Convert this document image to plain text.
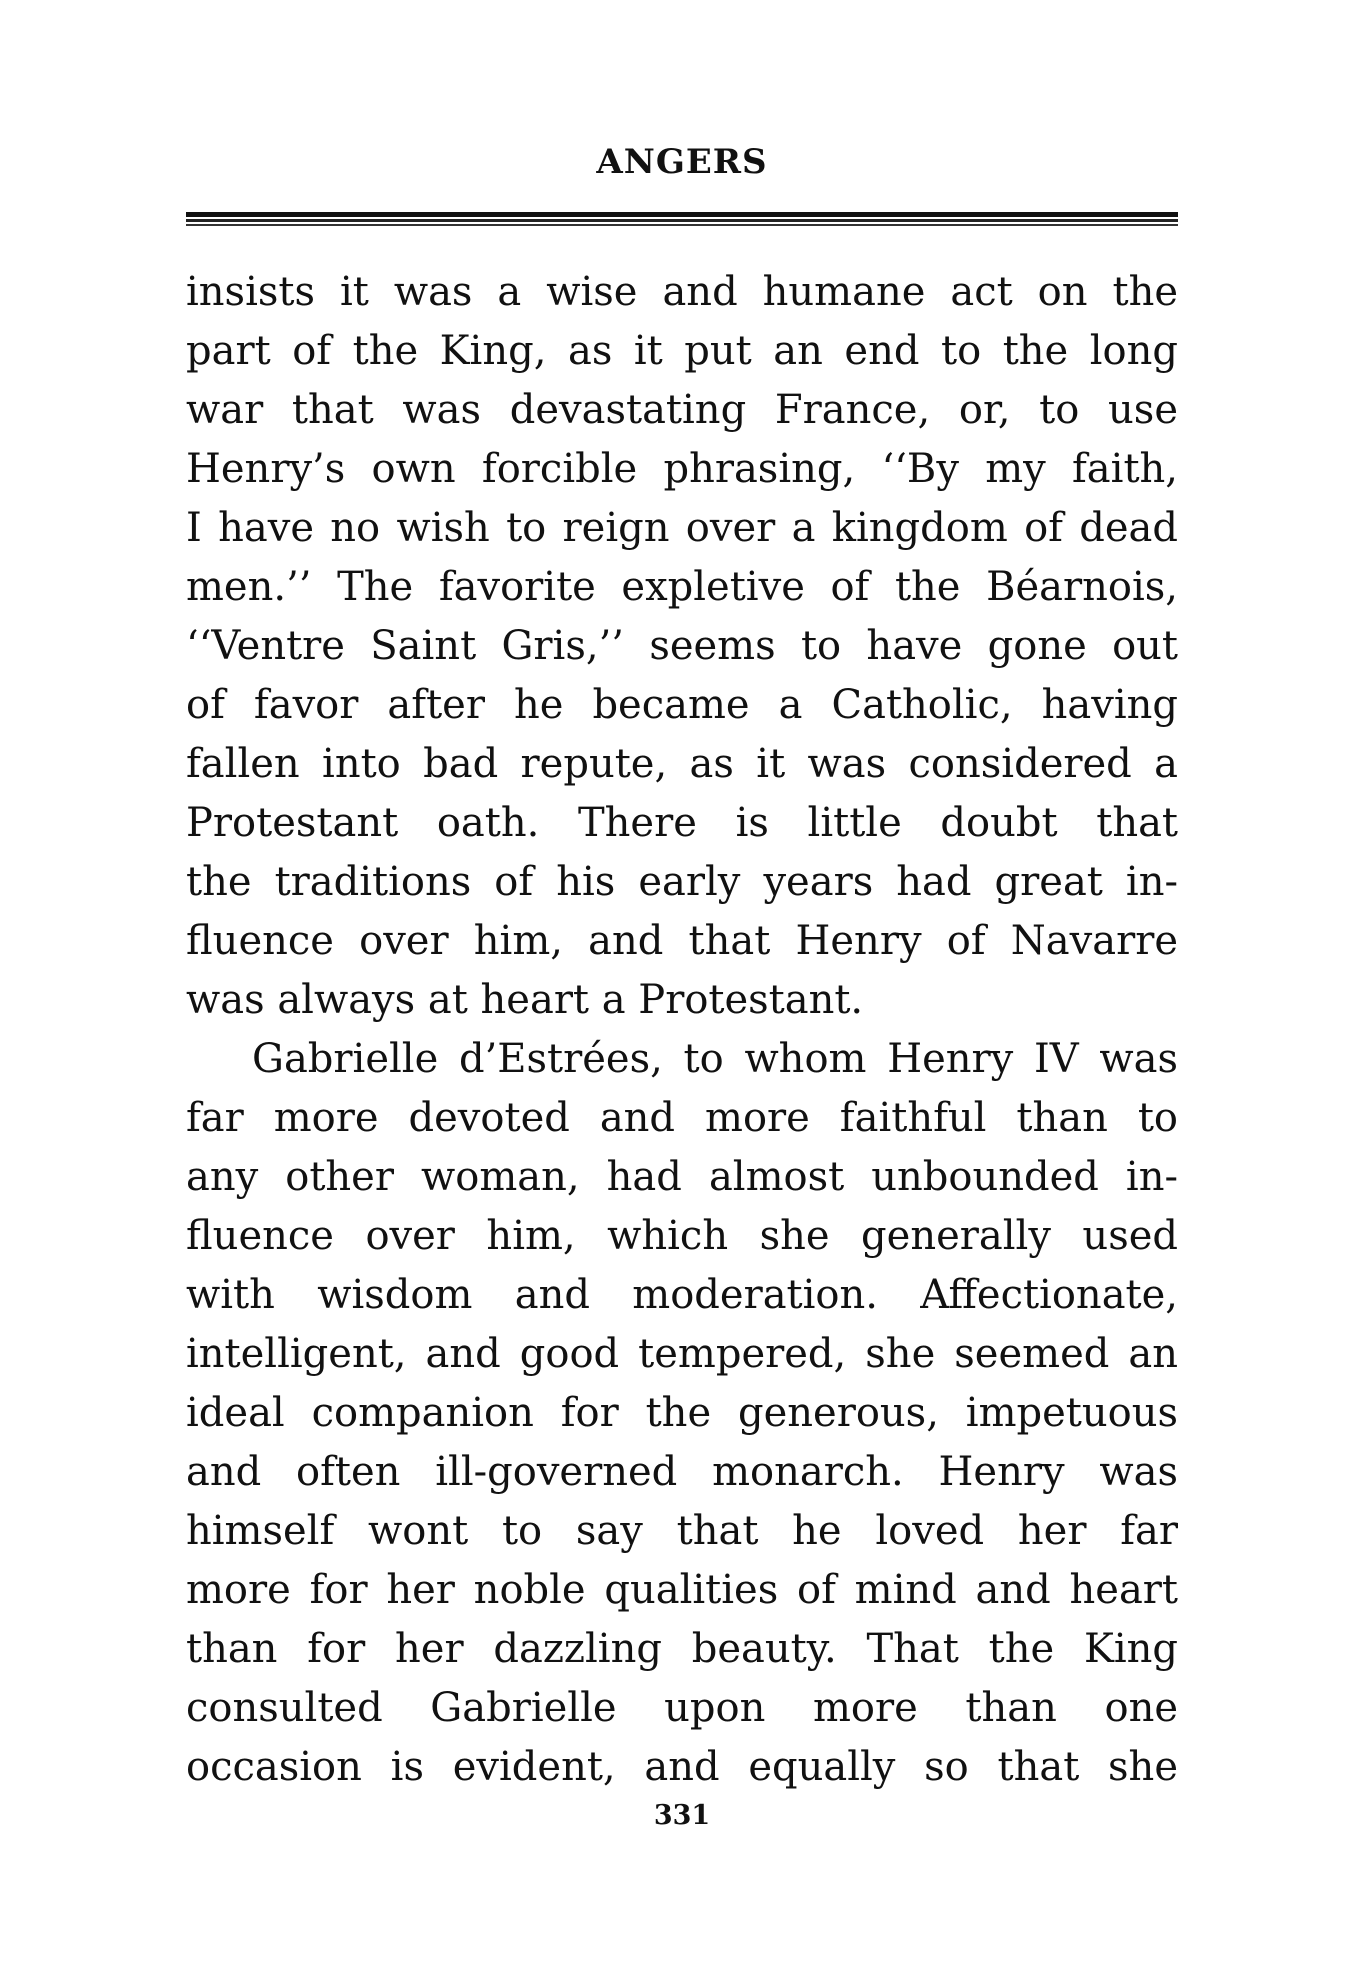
ANGERS
insists it was a wise and humane act on the
part of the King, as it put an end to the long
war that was devastating France, or, to use
Henry’s own forcible phrasing, ‘‘By my faith,
I have no wish to reign over a kingdom of dead
men.’’ The favorite expletive of the Béarnois,
‘‘Ventre Saint Gris,’’ seems to have gone out
of favor after he became a Catholic, having
fallen into bad repute, as it was considered a
Protestant oath. There is little doubt that
the traditions of his early years had great in-
fluence over him, and that Henry of Navarre
was always at heart a Protestant.
Gabrielle d’Estrées, to whom Henry IV was
far more devoted and more faithful than to
any other woman, had almost unbounded in-
fluence over him, which she generally used
with wisdom and moderation. Affectionate,
intelligent, and good tempered, she seemed an
ideal companion for the generous, impetuous
and often ill-governed monarch. Henry was
himself wont to say that he loved her far
more for her noble qualities of mind and heart
than for her dazzling beauty. That the King
consulted Gabrielle upon more than one
occasion is evident, and equally so that she
331
